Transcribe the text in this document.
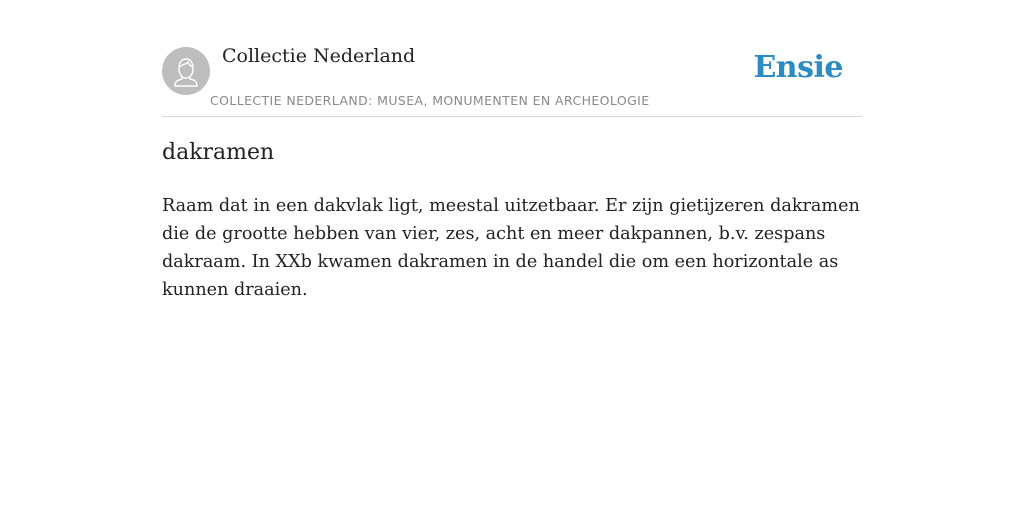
Collectie Nederland
COLLECTIE NEDERLAND: MUSEA, MONUMENTEN EN ARCHEOLOGIE
Ensie
dakramen

Raam dat in een dakvlak ligt, meestal uitzetbaar. Er zijn gietijzeren dakramen die de grootte hebben van vier, zes, acht en meer dakpannen, b.v. zespans dakraam. In XXb kwamen dakramen in de handel die om een horizontale as kunnen draaien.
